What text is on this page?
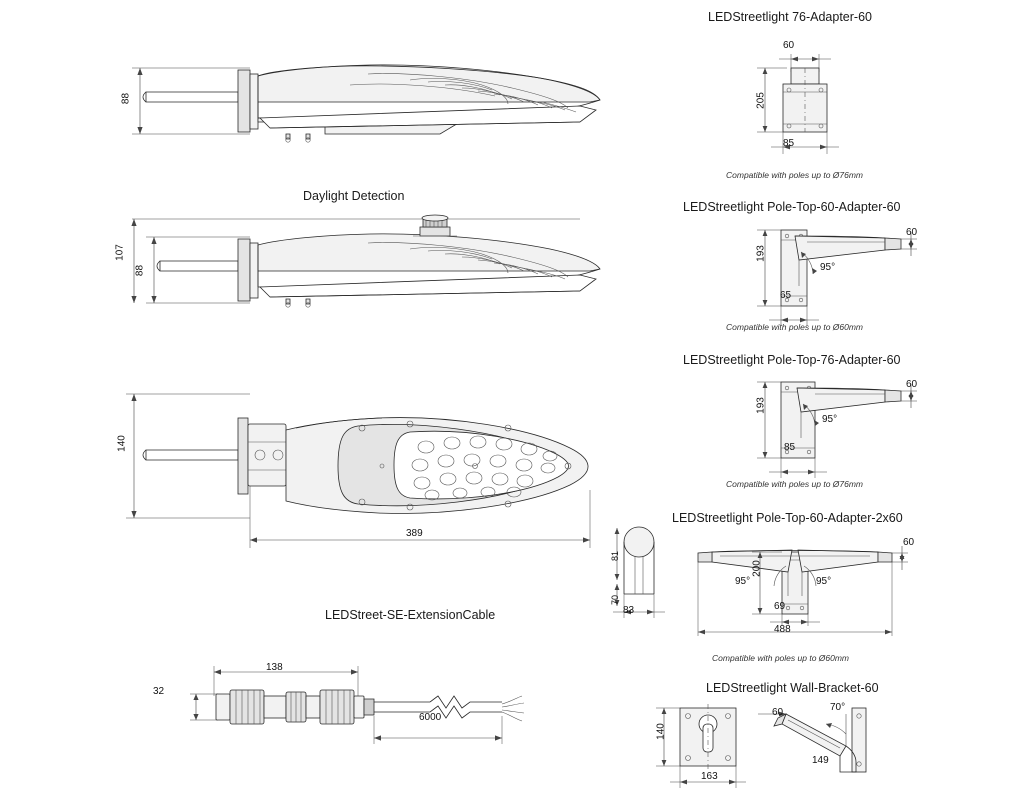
88
Daylight Detection
107
88
140
389
81
70
83
LEDStreet-SE-ExtensionCable
138
32
6000
LEDStreetlight 76-Adapter-60
60
205
85
Compatible with poles up to Ø76mm
LEDStreetlight Pole-Top-60-Adapter-60
60
193
65
95°
Compatible with poles up to Ø60mm
LEDStreetlight Pole-Top-76-Adapter-60
60
193
85
95°
Compatible with poles up to Ø76mm
LEDStreetlight Pole-Top-60-Adapter-2x60
60
200
69
488
95°	95°
Compatible with poles up to Ø60mm
LEDStreetlight Wall-Bracket-60
140
163
60	70°
149
